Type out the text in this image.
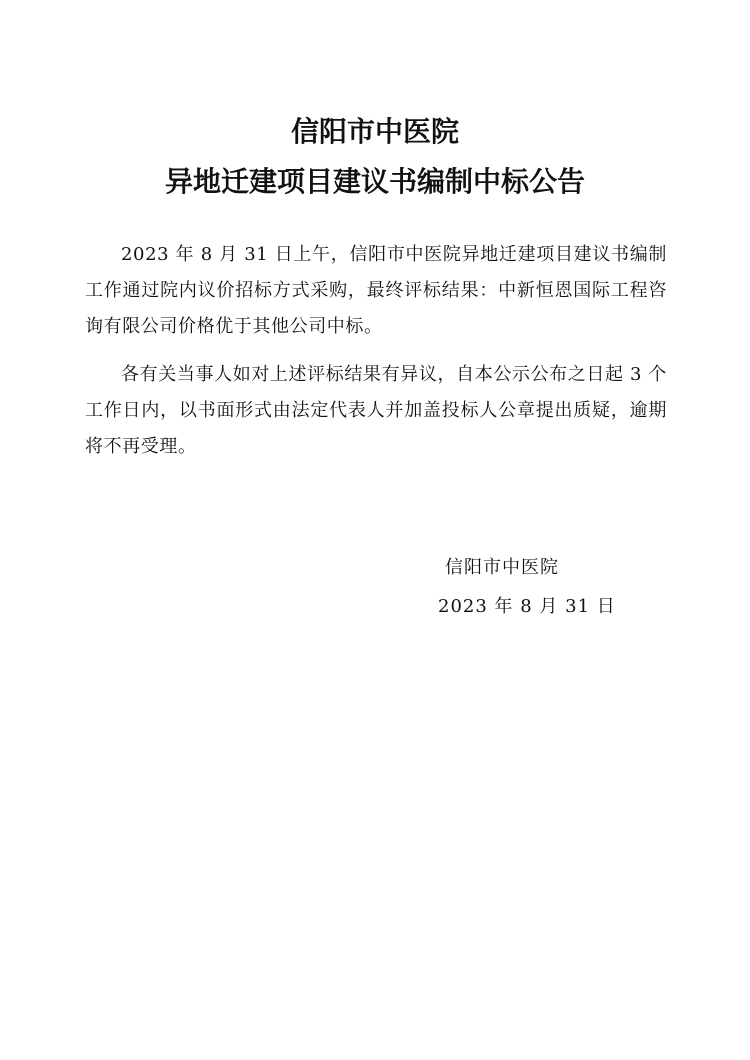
信阳市中医院
异地迁建项目建议书编制中标公告

2023 年 8 月 31 日上午，信阳市中医院异地迁建项目建议书编制工作通过院内议价招标方式采购，最终评标结果：中新恒恩国际工程咨询有限公司价格优于其他公司中标。

各有关当事人如对上述评标结果有异议，自本公示公布之日起 3 个工作日内，以书面形式由法定代表人并加盖投标人公章提出质疑，逾期将不再受理。

信阳市中医院
2023 年 8 月 31 日
